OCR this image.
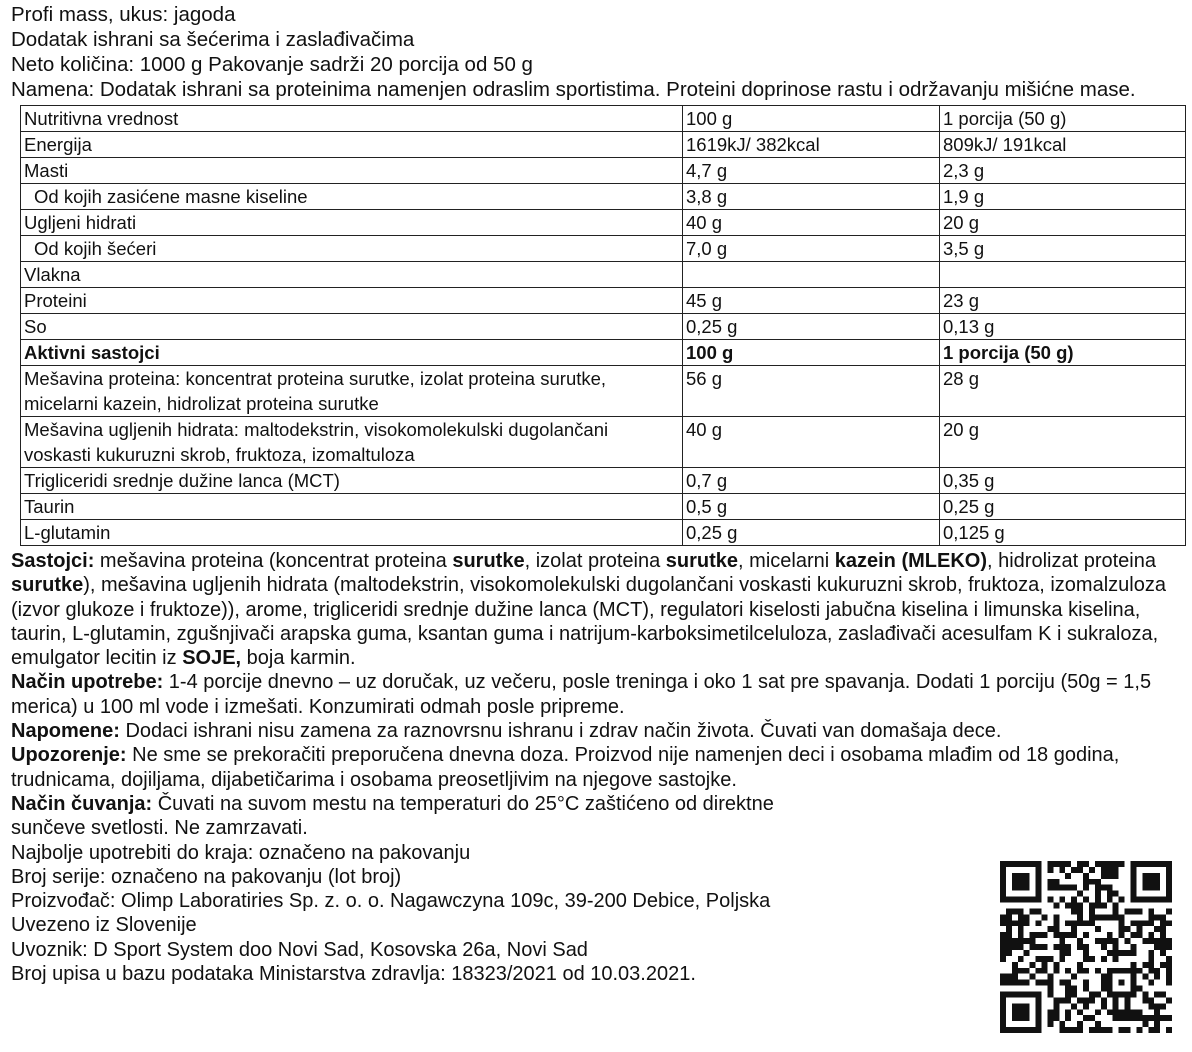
Profi mass, ukus: jagoda
Dodatak ishrani sa šećerima i zaslađivačima
Neto količina: 1000 g Pakovanje sadrži 20 porcija od 50 g
Namena: Dodatak ishrani sa proteinima namenjen odraslim sportistima. Proteini doprinose rastu i održavanju mišićne mase.
Nutritivna vrednost	100 g	1 porcija (50 g)
Energija	1619kJ/ 382kcal	809kJ/ 191kcal
Masti	4,7 g	2,3 g
Od kojih zasićene masne kiseline	3,8 g	1,9 g
Ugljeni hidrati	40 g	20 g
Od kojih šećeri	7,0 g	3,5 g
Vlakna		
Proteini	45 g	23 g
So	0,25 g	0,13 g
Aktivni sastojci	100 g	1 porcija (50 g)
Mešavina proteina: koncentrat proteina surutke, izolat proteina surutke, micelarni kazein, hidrolizat proteina surutke	56 g	28 g
Mešavina ugljenih hidrata: maltodekstrin, visokomolekulski dugolančani voskasti kukuruzni skrob, fruktoza, izomaltuloza	40 g	20 g
Trigliceridi srednje dužine lanca (MCT)	0,7 g	0,35 g
Taurin	0,5 g	0,25 g
L-glutamin	0,25 g	0,125 g
Sastojci: mešavina proteina (koncentrat proteina surutke, izolat proteina surutke, micelarni kazein (MLEKO), hidrolizat proteina surutke), mešavina ugljenih hidrata (maltodekstrin, visokomolekulski dugolančani voskasti kukuruzni skrob, fruktoza, izomalzuloza (izvor glukoze i fruktoze)), arome, trigliceridi srednje dužine lanca (MCT), regulatori kiselosti jabučna kiselina i limunska kiselina, taurin, L-glutamin, zgušnjivači arapska guma, ksantan guma i natrijum-karboksimetilceluloza, zaslađivači acesulfam K i sukraloza, emulgator lecitin iz SOJE, boja karmin.
Način upotrebe: 1-4 porcije dnevno – uz doručak, uz večeru, posle treninga i oko 1 sat pre spavanja. Dodati 1 porciju (50g = 1,5 merica) u 100 ml vode i izmešati. Konzumirati odmah posle pripreme.
Napomene: Dodaci ishrani nisu zamena za raznovrsnu ishranu i zdrav način života. Čuvati van domašaja dece.
Upozorenje: Ne sme se prekoračiti preporučena dnevna doza. Proizvod nije namenjen deci i osobama mlađim od 18 godina, trudnicama, dojiljama, dijabetičarima i osobama preosetljivim na njegove sastojke.
Način čuvanja: Čuvati na suvom mestu na temperaturi do 25°C zaštićeno od direktne
sunčeve svetlosti. Ne zamrzavati.
Najbolje upotrebiti do kraja: označeno na pakovanju
Broj serije: označeno na pakovanju (lot broj)
Proizvođač: Olimp Laboratiries Sp. z. o. o. Nagawczyna 109c, 39-200 Debice, Poljska
Uvezeno iz Slovenije
Uvoznik: D Sport System doo Novi Sad, Kosovska 26a, Novi Sad
Broj upisa u bazu podataka Ministarstva zdravlja: 18323/2021 od 10.03.2021.
